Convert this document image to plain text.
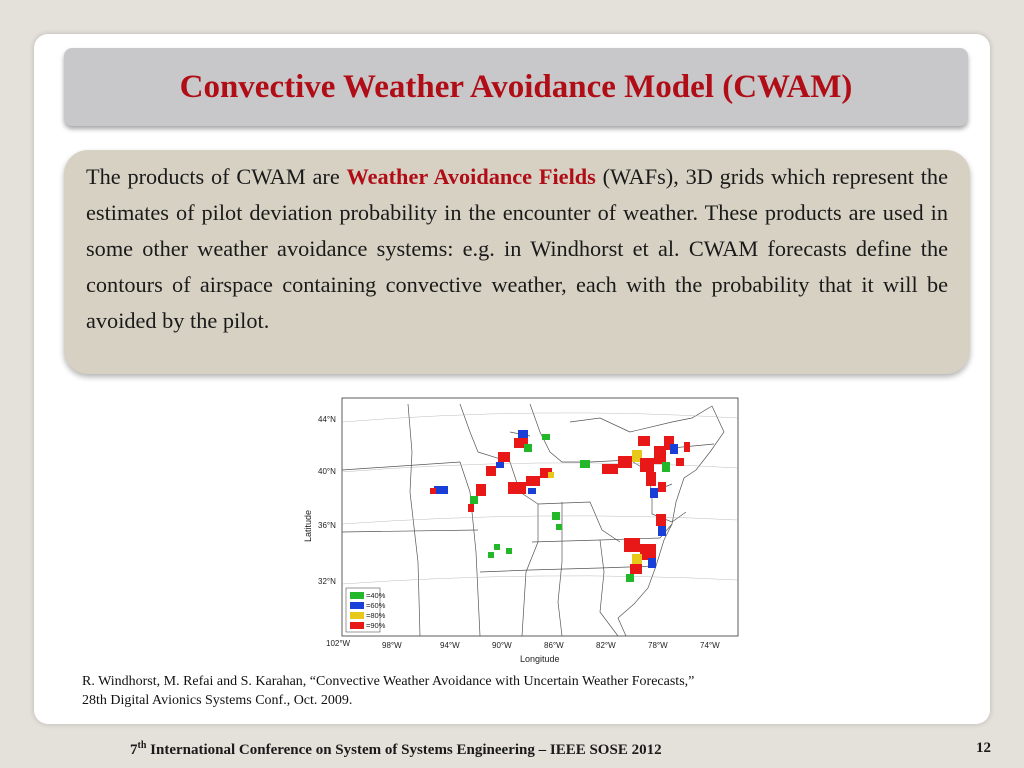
Convective Weather Avoidance Model (CWAM)

The products of CWAM are Weather Avoidance Fields (WAFs), 3D grids which represent the estimates of pilot deviation probability in the encounter of weather. These products are used in some other weather avoidance systems: e.g. in Windhorst et al. CWAM forecasts define the contours of airspace containing convective weather, each with the probability that it will be avoided by the pilot.

=40%
=60%
=80%
=90%
44°N
40°N
36°N
32°N
102°W	98°W	94°W	90°W	86°W	82°W	78°W	74°W
Longitude
Latitude
R. Windhorst, M. Refai and S. Karahan, “Convective Weather Avoidance with Uncertain Weather Forecasts,”
28th Digital Avionics Systems Conf., Oct. 2009.
7th International Conference on System of Systems Engineering – IEEE SOSE 2012	12
